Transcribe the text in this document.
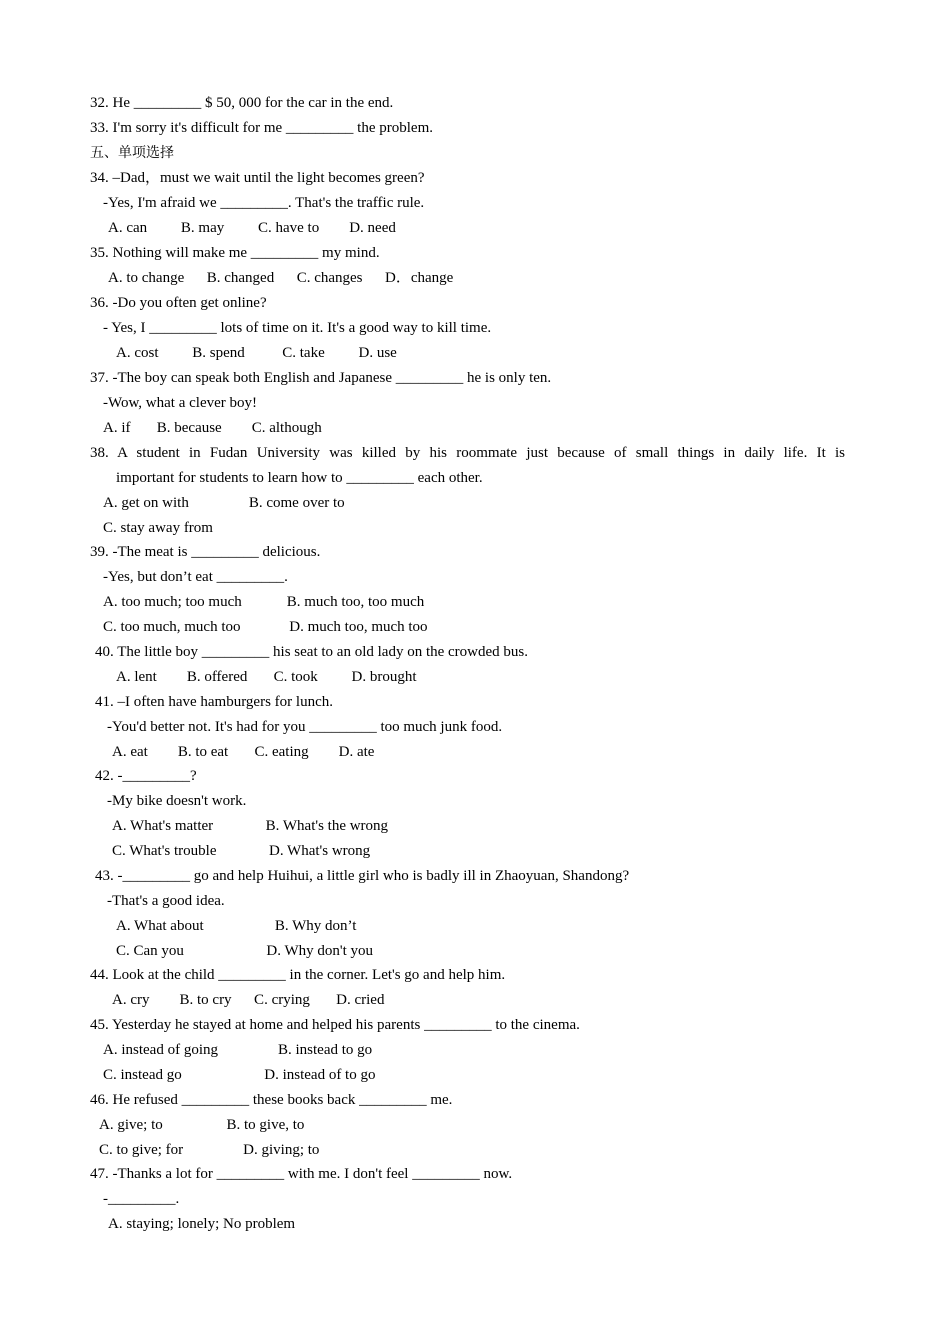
32. He _________ $ 50, 000 for the car in the end.
33. I'm sorry it's difficult for me _________ the problem.
五、单项选择
34. –Dad，must we wait until the light becomes green?
-Yes, I'm afraid we _________. That's the traffic rule.
A. can         B. may         C. have to        D. need
35. Nothing will make me _________ my mind.
A. to change      B. changed      C. changes      D．change
36. -Do you often get online?
- Yes, I _________ lots of time on it. It's a good way to kill time.
A. cost         B. spend          C. take         D. use
37. -The boy can speak both English and Japanese _________ he is only ten.
-Wow, what a clever boy!
A. if       B. because        C. although
38. A student in Fudan University was killed by his roommate just because of small things in daily life. It is
important for students to learn how to _________ each other.
A. get on with                B. come over to
C. stay away from
39. -The meat is _________ delicious.
-Yes, but don’t eat _________.
A. too much; too much            B. much too, too much
C. too much, much too             D. much too, much too
40. The little boy _________ his seat to an old lady on the crowded bus.
A. lent        B. offered       C. took         D. brought
41. –I often have hamburgers for lunch.
-You'd better not. It's had for you _________ too much junk food.
A. eat        B. to eat       C. eating        D. ate
42. -_________?
-My bike doesn't work.
A. What's matter              B. What's the wrong
C. What's trouble              D. What's wrong
43. -_________ go and help Huihui, a little girl who is badly ill in Zhaoyuan, Shandong?
-That's a good idea.
A. What about                   B. Why don’t
C. Can you                      D. Why don't you
44. Look at the child _________ in the corner. Let's go and help him.
A. cry        B. to cry      C. crying       D. cried
45. Yesterday he stayed at home and helped his parents _________ to the cinema.
A. instead of going                B. instead to go
C. instead go                      D. instead of to go
46. He refused _________ these books back _________ me.
A. give; to                 B. to give, to
C. to give; for                D. giving; to
47. -Thanks a lot for _________ with me. I don't feel _________ now.
-_________.
A. staying; lonely; No problem
